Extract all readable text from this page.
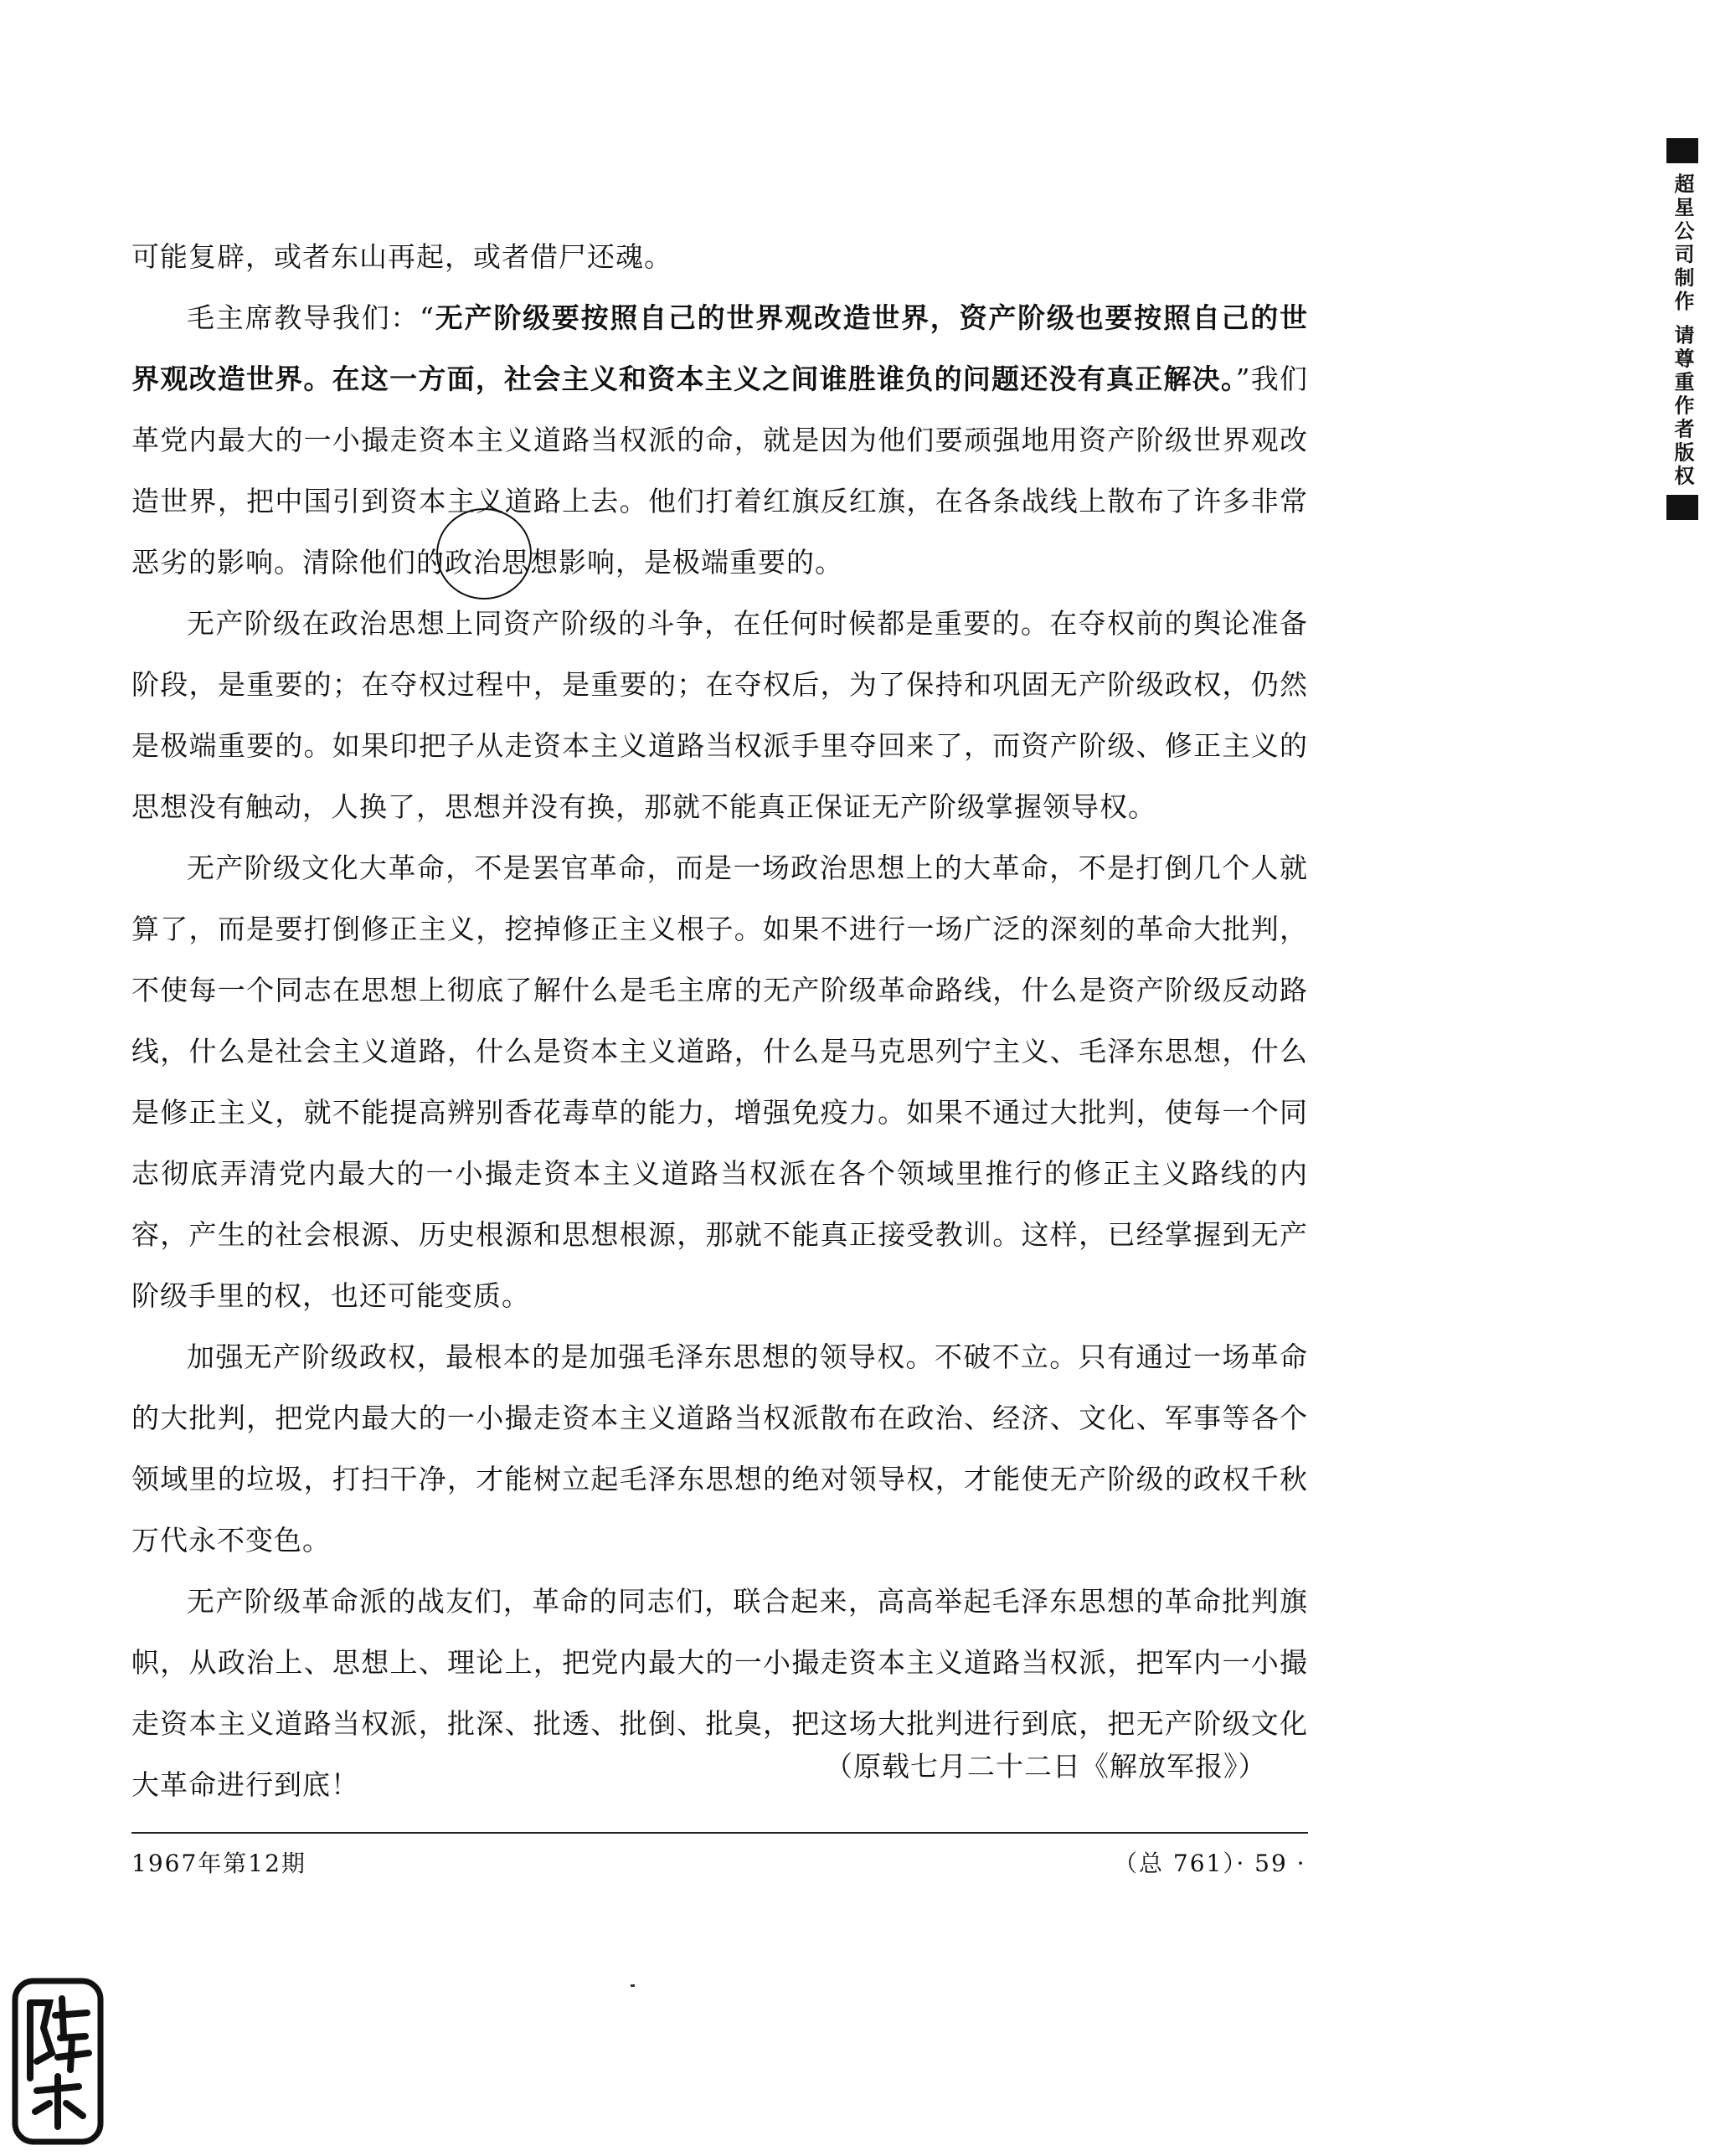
可能复辟，或者东山再起，或者借尸还魂。

毛主席教导我们：“无产阶级要按照自己的世界观改造世界，资产阶级也要按照自己的世界观改造世界。在这一方面，社会主义和资本主义之间谁胜谁负的问题还没有真正解决。”我们革党内最大的一小撮走资本主义道路当权派的命，就是因为他们要顽强地用资产阶级世界观改造世界，把中国引到资本主义道路上去。他们打着红旗反红旗，在各条战线上散布了许多非常恶劣的影响。清除他们的政治思想影响，是极端重要的。

无产阶级在政治思想上同资产阶级的斗争，在任何时候都是重要的。在夺权前的舆论准备阶段，是重要的；在夺权过程中，是重要的；在夺权后，为了保持和巩固无产阶级政权，仍然是极端重要的。如果印把子从走资本主义道路当权派手里夺回来了，而资产阶级、修正主义的思想没有触动，人换了，思想并没有换，那就不能真正保证无产阶级掌握领导权。

无产阶级文化大革命，不是罢官革命，而是一场政治思想上的大革命，不是打倒几个人就算了，而是要打倒修正主义，挖掉修正主义根子。如果不进行一场广泛的深刻的革命大批判，不使每一个同志在思想上彻底了解什么是毛主席的无产阶级革命路线，什么是资产阶级反动路线，什么是社会主义道路，什么是资本主义道路，什么是马克思列宁主义、毛泽东思想，什么是修正主义，就不能提高辨别香花毒草的能力，增强免疫力。如果不通过大批判，使每一个同志彻底弄清党内最大的一小撮走资本主义道路当权派在各个领域里推行的修正主义路线的内容，产生的社会根源、历史根源和思想根源，那就不能真正接受教训。这样，已经掌握到无产阶级手里的权，也还可能变质。

加强无产阶级政权，最根本的是加强毛泽东思想的领导权。不破不立。只有通过一场革命的大批判，把党内最大的一小撮走资本主义道路当权派散布在政治、经济、文化、军事等各个领域里的垃圾，打扫干净，才能树立起毛泽东思想的绝对领导权，才能使无产阶级的政权千秋万代永不变色。

无产阶级革命派的战友们，革命的同志们，联合起来，高高举起毛泽东思想的革命批判旗帜，从政治上、思想上、理论上，把党内最大的一小撮走资本主义道路当权派，把军内一小撮走资本主义道路当权派，批深、批透、批倒、批臭，把这场大批判进行到底，把无产阶级文化大革命进行到底！

（原载七月二十二日《解放军报》）
1967年第12期	（总 761）· 59 ·
超星公司制作 请尊重作者版权
